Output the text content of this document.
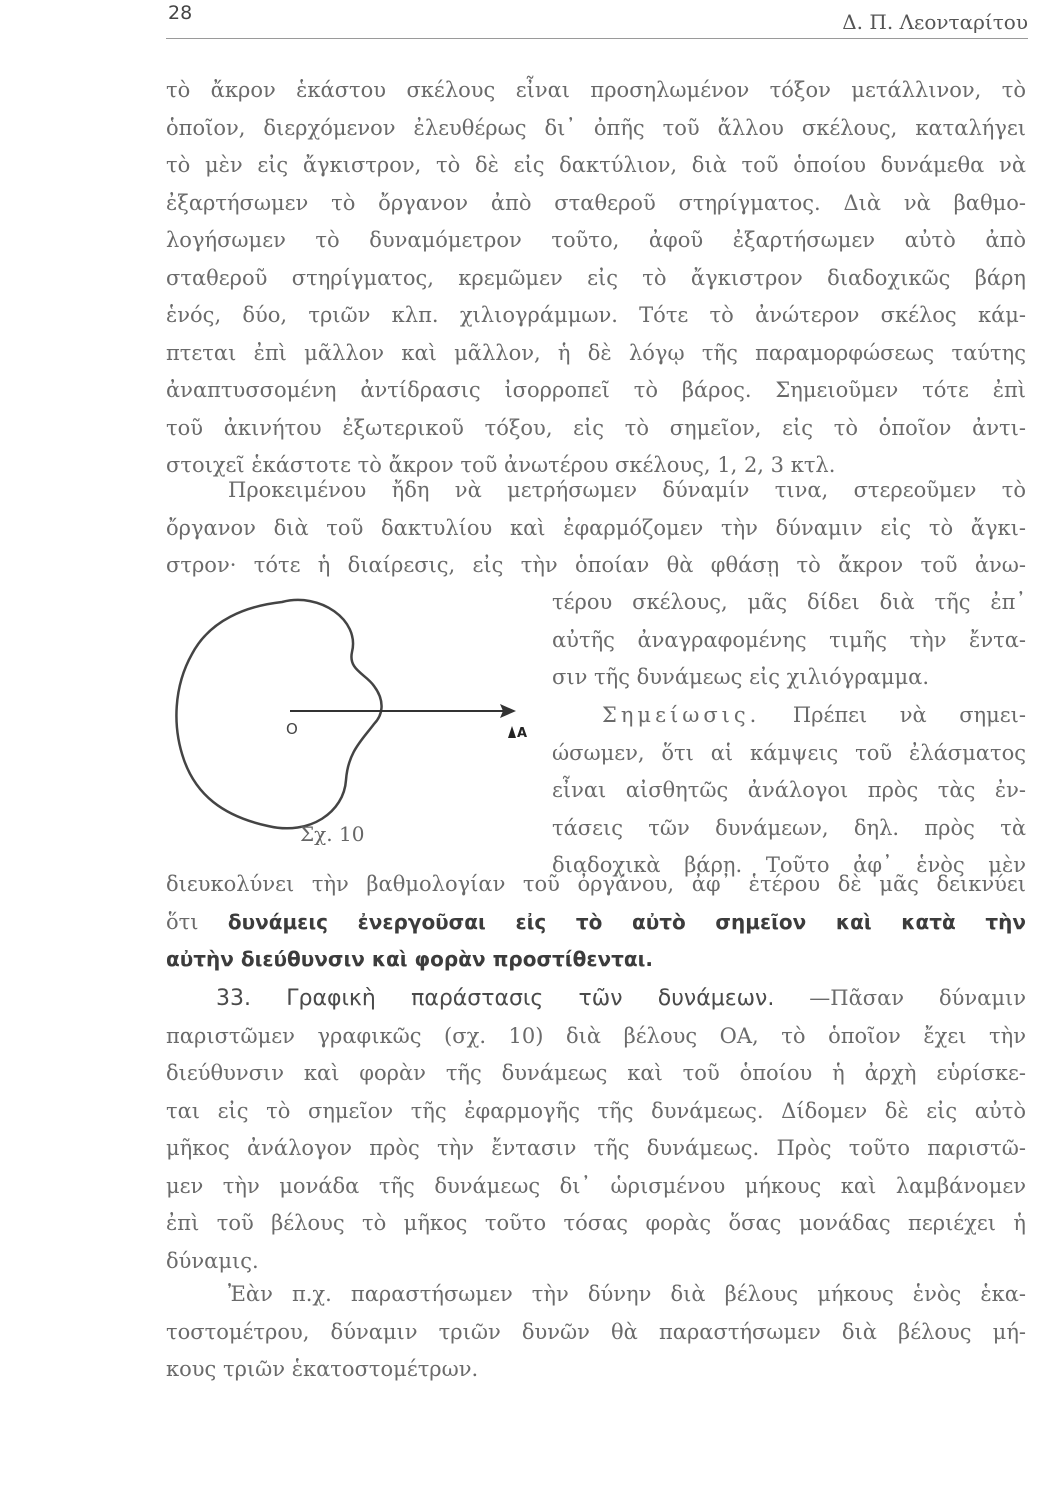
28	Δ. Π. Λεονταρίτου
τὸ ἄκρον ἑκάστου σκέλους εἶναι προσηλωμένον τόξον μετάλλινον, τὸ
ὁποῖον, διερχόμενον ἐλευθέρως δι᾽ ὀπῆς τοῦ ἄλλου σκέλους, καταλήγει
τὸ μὲν εἰς ἄγκιστρον, τὸ δὲ εἰς δακτύλιον, διὰ τοῦ ὁποίου δυνάμεθα νὰ
ἐξαρτήσωμεν τὸ ὄργανον ἀπὸ σταθεροῦ στηρίγματος. Διὰ νὰ βαθμο-
λογήσωμεν τὸ δυναμόμετρον τοῦτο, ἀφοῦ ἐξαρτήσωμεν αὐτὸ ἀπὸ
σταθεροῦ στηρίγματος, κρεμῶμεν εἰς τὸ ἄγκιστρον διαδοχικῶς βάρη
ἑνός, δύο, τριῶν κλπ. χιλιογράμμων. Τότε τὸ ἀνώτερον σκέλος κάμ-
πτεται ἐπὶ μᾶλλον καὶ μᾶλλον, ἡ δὲ λόγῳ τῆς παραμορφώσεως ταύτης
ἀναπτυσσομένη ἀντίδρασις ἰσορροπεῖ τὸ βάρος. Σημειοῦμεν τότε ἐπὶ
τοῦ ἀκινήτου ἐξωτερικοῦ τόξου, εἰς τὸ σημεῖον, εἰς τὸ ὁποῖον ἀντι-
στοιχεῖ ἑκάστοτε τὸ ἄκρον τοῦ ἀνωτέρου σκέλους, 1, 2, 3 κτλ.
Προκειμένου ἤδη νὰ μετρήσωμεν δύναμίν τινα, στερεοῦμεν τὸ
ὄργανον διὰ τοῦ δακτυλίου καὶ ἐφαρμόζομεν τὴν δύναμιν εἰς τὸ ἄγκι-
στρον· τότε ἡ διαίρεσις, εἰς τὴν ὁποίαν θὰ φθάσῃ τὸ ἄκρον τοῦ ἀνω-
τέρου σκέλους, μᾶς δίδει διὰ τῆς ἐπ᾽
αὐτῆς ἀναγραφομένης τιμῆς τὴν ἔντα-
σιν τῆς δυνάμεως εἰς χιλιόγραμμα.
Σημείωσις. Πρέπει νὰ σημει-
ώσωμεν, ὅτι αἱ κάμψεις τοῦ ἐλάσματος
εἶναι αἰσθητῶς ἀνάλογοι πρὸς τὰς ἐν-
τάσεις τῶν δυνάμεων, δηλ. πρὸς τὰ
διαδοχικὰ βάρη. Τοῦτο ἀφ᾽ ἑνὸς μὲν
O	A
Σχ. 10
διευκολύνει τὴν βαθμολογίαν τοῦ ὀργάνου, ἀφ᾽ ἑτέρου δὲ μᾶς δεικνύει
ὅτι δυνάμεις ἐνεργοῦσαι εἰς τὸ αὐτὸ σημεῖον καὶ κατὰ τὴν
αὐτὴν διεύθυνσιν καὶ φορὰν προστίθενται.
33. Γραφικὴ παράστασις τῶν δυνάμεων. —Πᾶσαν δύναμιν
παριστῶμεν γραφικῶς (σχ. 10) διὰ βέλους ΟΑ, τὸ ὁποῖον ἔχει τὴν
διεύθυνσιν καὶ φορὰν τῆς δυνάμεως καὶ τοῦ ὁποίου ἡ ἀρχὴ εὑρίσκε-
ται εἰς τὸ σημεῖον τῆς ἐφαρμογῆς τῆς δυνάμεως. Δίδομεν δὲ εἰς αὐτὸ
μῆκος ἀνάλογον πρὸς τὴν ἔντασιν τῆς δυνάμεως. Πρὸς τοῦτο παριστῶ-
μεν τὴν μονάδα τῆς δυνάμεως δι᾽ ὡρισμένου μήκους καὶ λαμβάνομεν
ἐπὶ τοῦ βέλους τὸ μῆκος τοῦτο τόσας φορὰς ὅσας μονάδας περιέχει ἡ
δύναμις.
Ἐὰν π.χ. παραστήσωμεν τὴν δύνην διὰ βέλους μήκους ἑνὸς ἑκα-
τοστομέτρου, δύναμιν τριῶν δυνῶν θὰ παραστήσωμεν διὰ βέλους μή-
κους τριῶν ἑκατοστομέτρων.
